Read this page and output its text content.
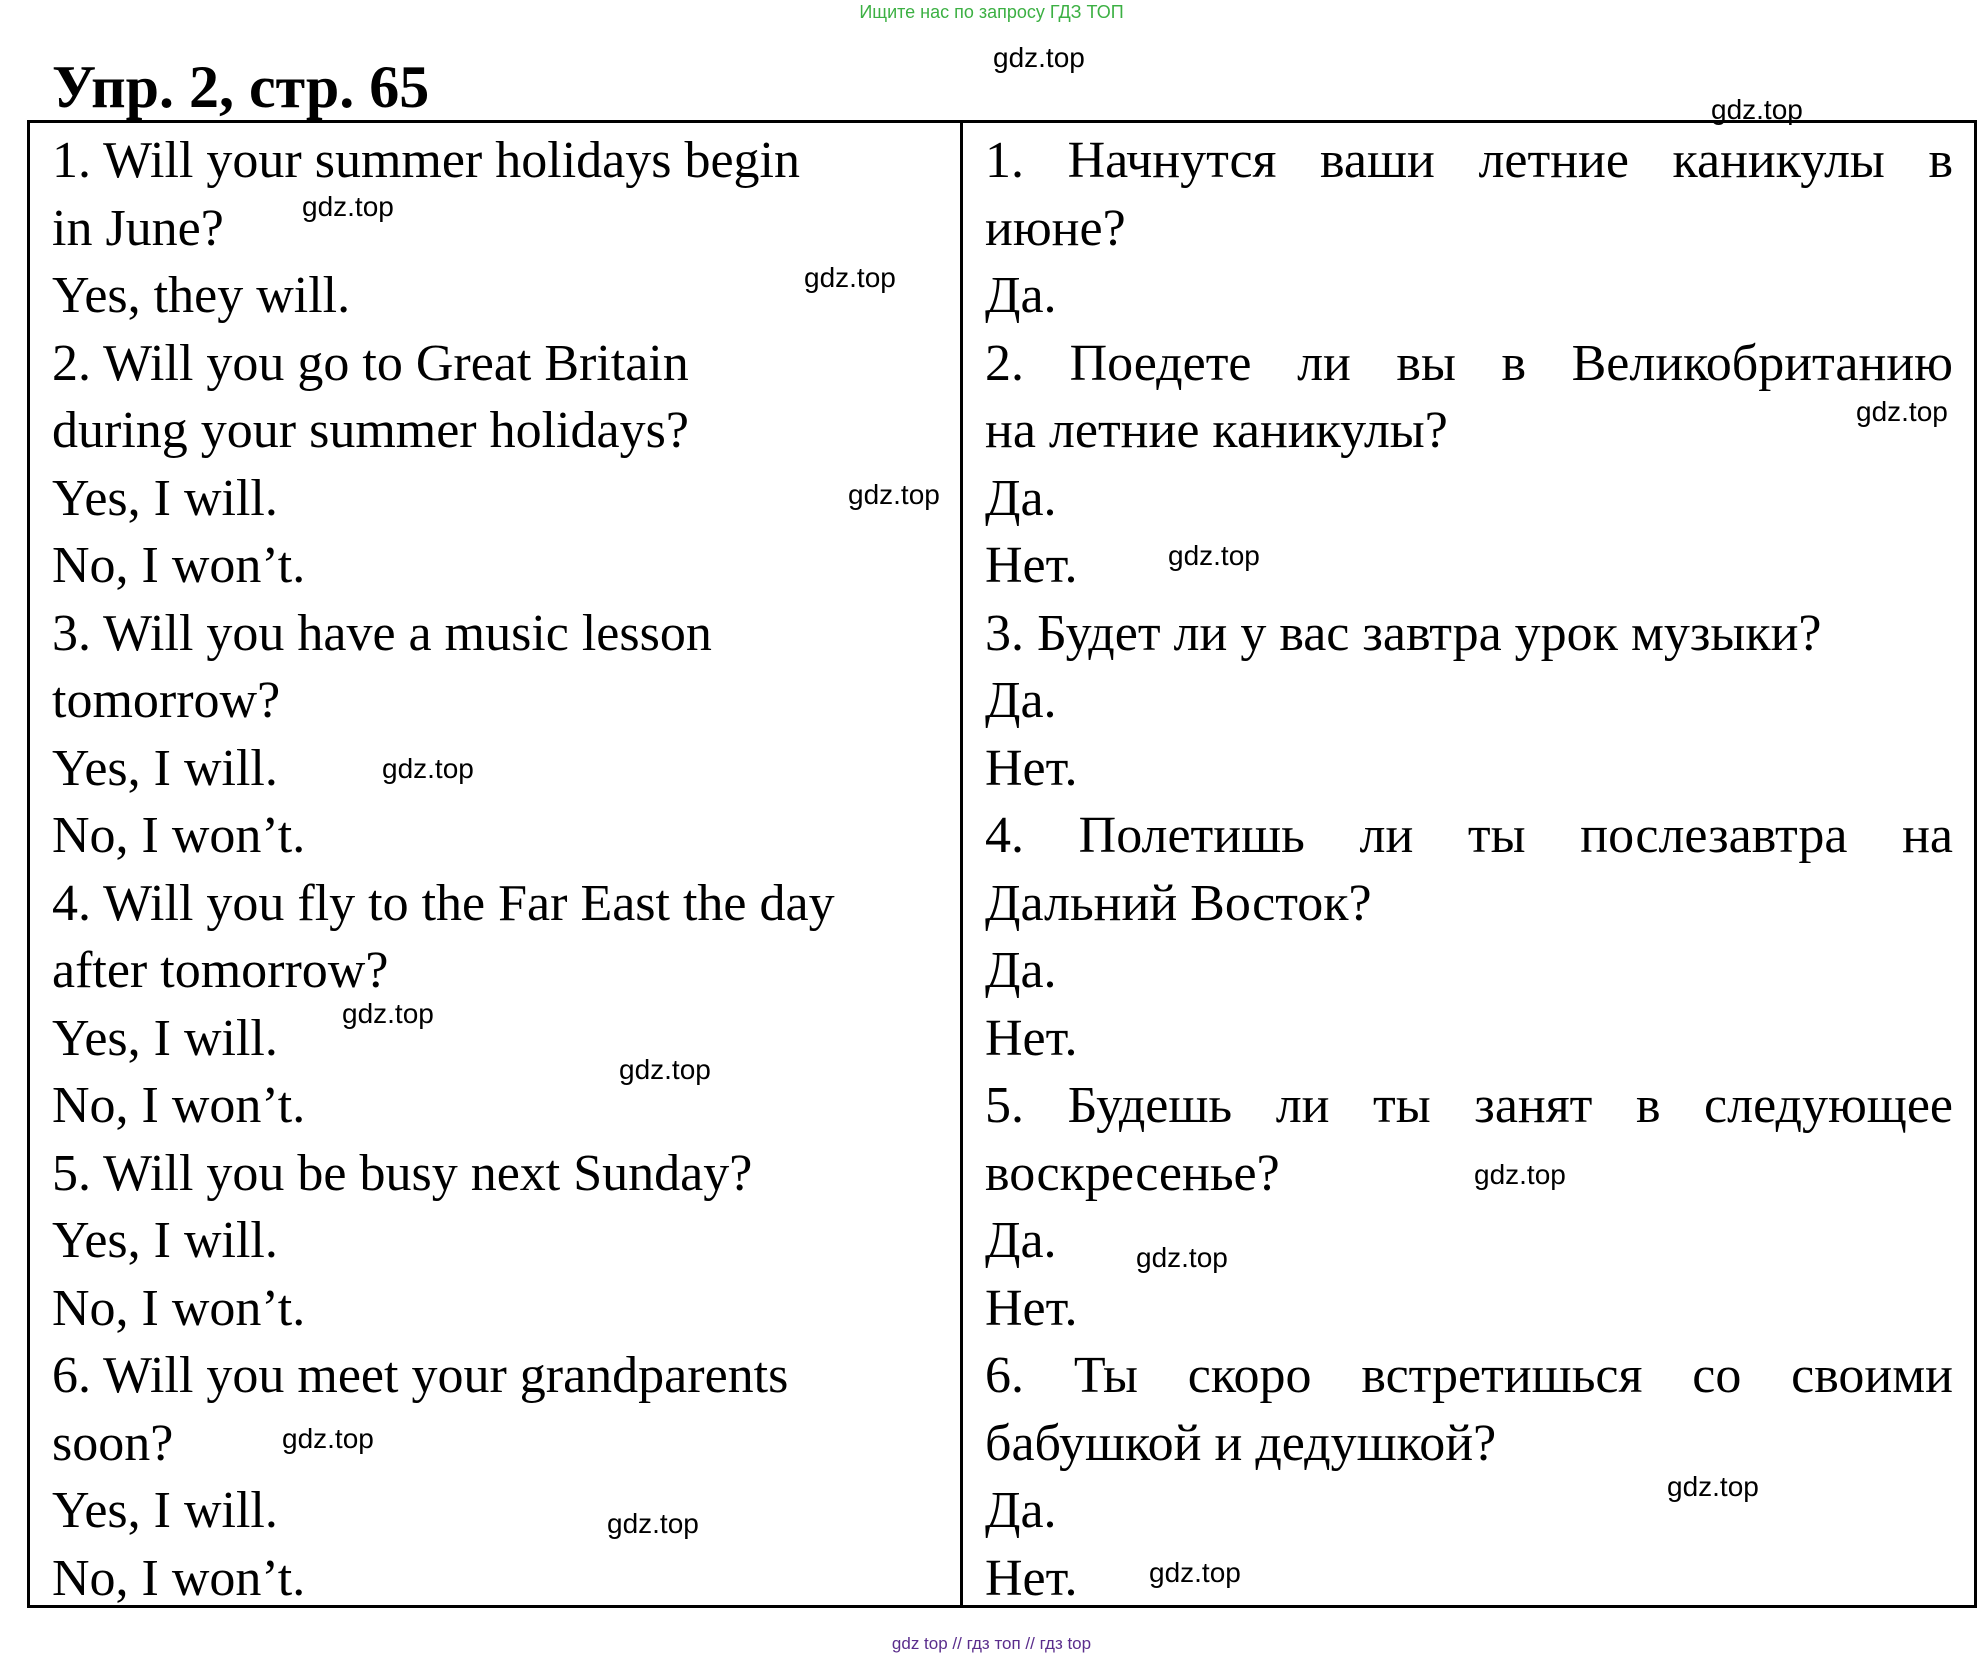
Ищите нас по запросу ГДЗ ТОП
Упр. 2, стр. 65
1. Will your summer holidays begin
in June?
Yes, they will.
2. Will you go to Great Britain
during your summer holidays?
Yes, I will.
No, I won’t.
3. Will you have a music lesson
tomorrow?
Yes, I will.
No, I won’t.
4. Will you fly to the Far East the day
after tomorrow?
Yes, I will.
No, I won’t.
5. Will you be busy next Sunday?
Yes, I will.
No, I won’t.
6. Will you meet your grandparents
soon?
Yes, I will.
No, I won’t.
1. Начнутся ваши летние каникулы в
июне?
Да.
2. Поедете ли вы в Великобританию
на летние каникулы?
Да.
Нет.
3. Будет ли у вас завтра урок музыки?
Да.
Нет.
4. Полетишь ли ты послезавтра на
Дальний Восток?
Да.
Нет.
5. Будешь ли ты занят в следующее
воскресенье?
Да.
Нет.
6. Ты скоро встретишься со своими
бабушкой и дедушкой?
Да.
Нет.
gdz.top
gdz.top
gdz.top
gdz.top
gdz.top
gdz.top
gdz.top
gdz.top
gdz.top
gdz.top
gdz.top
gdz.top
gdz.top
gdz.top
gdz.top
gdz.top
gdz top // гдз топ // гдз top
